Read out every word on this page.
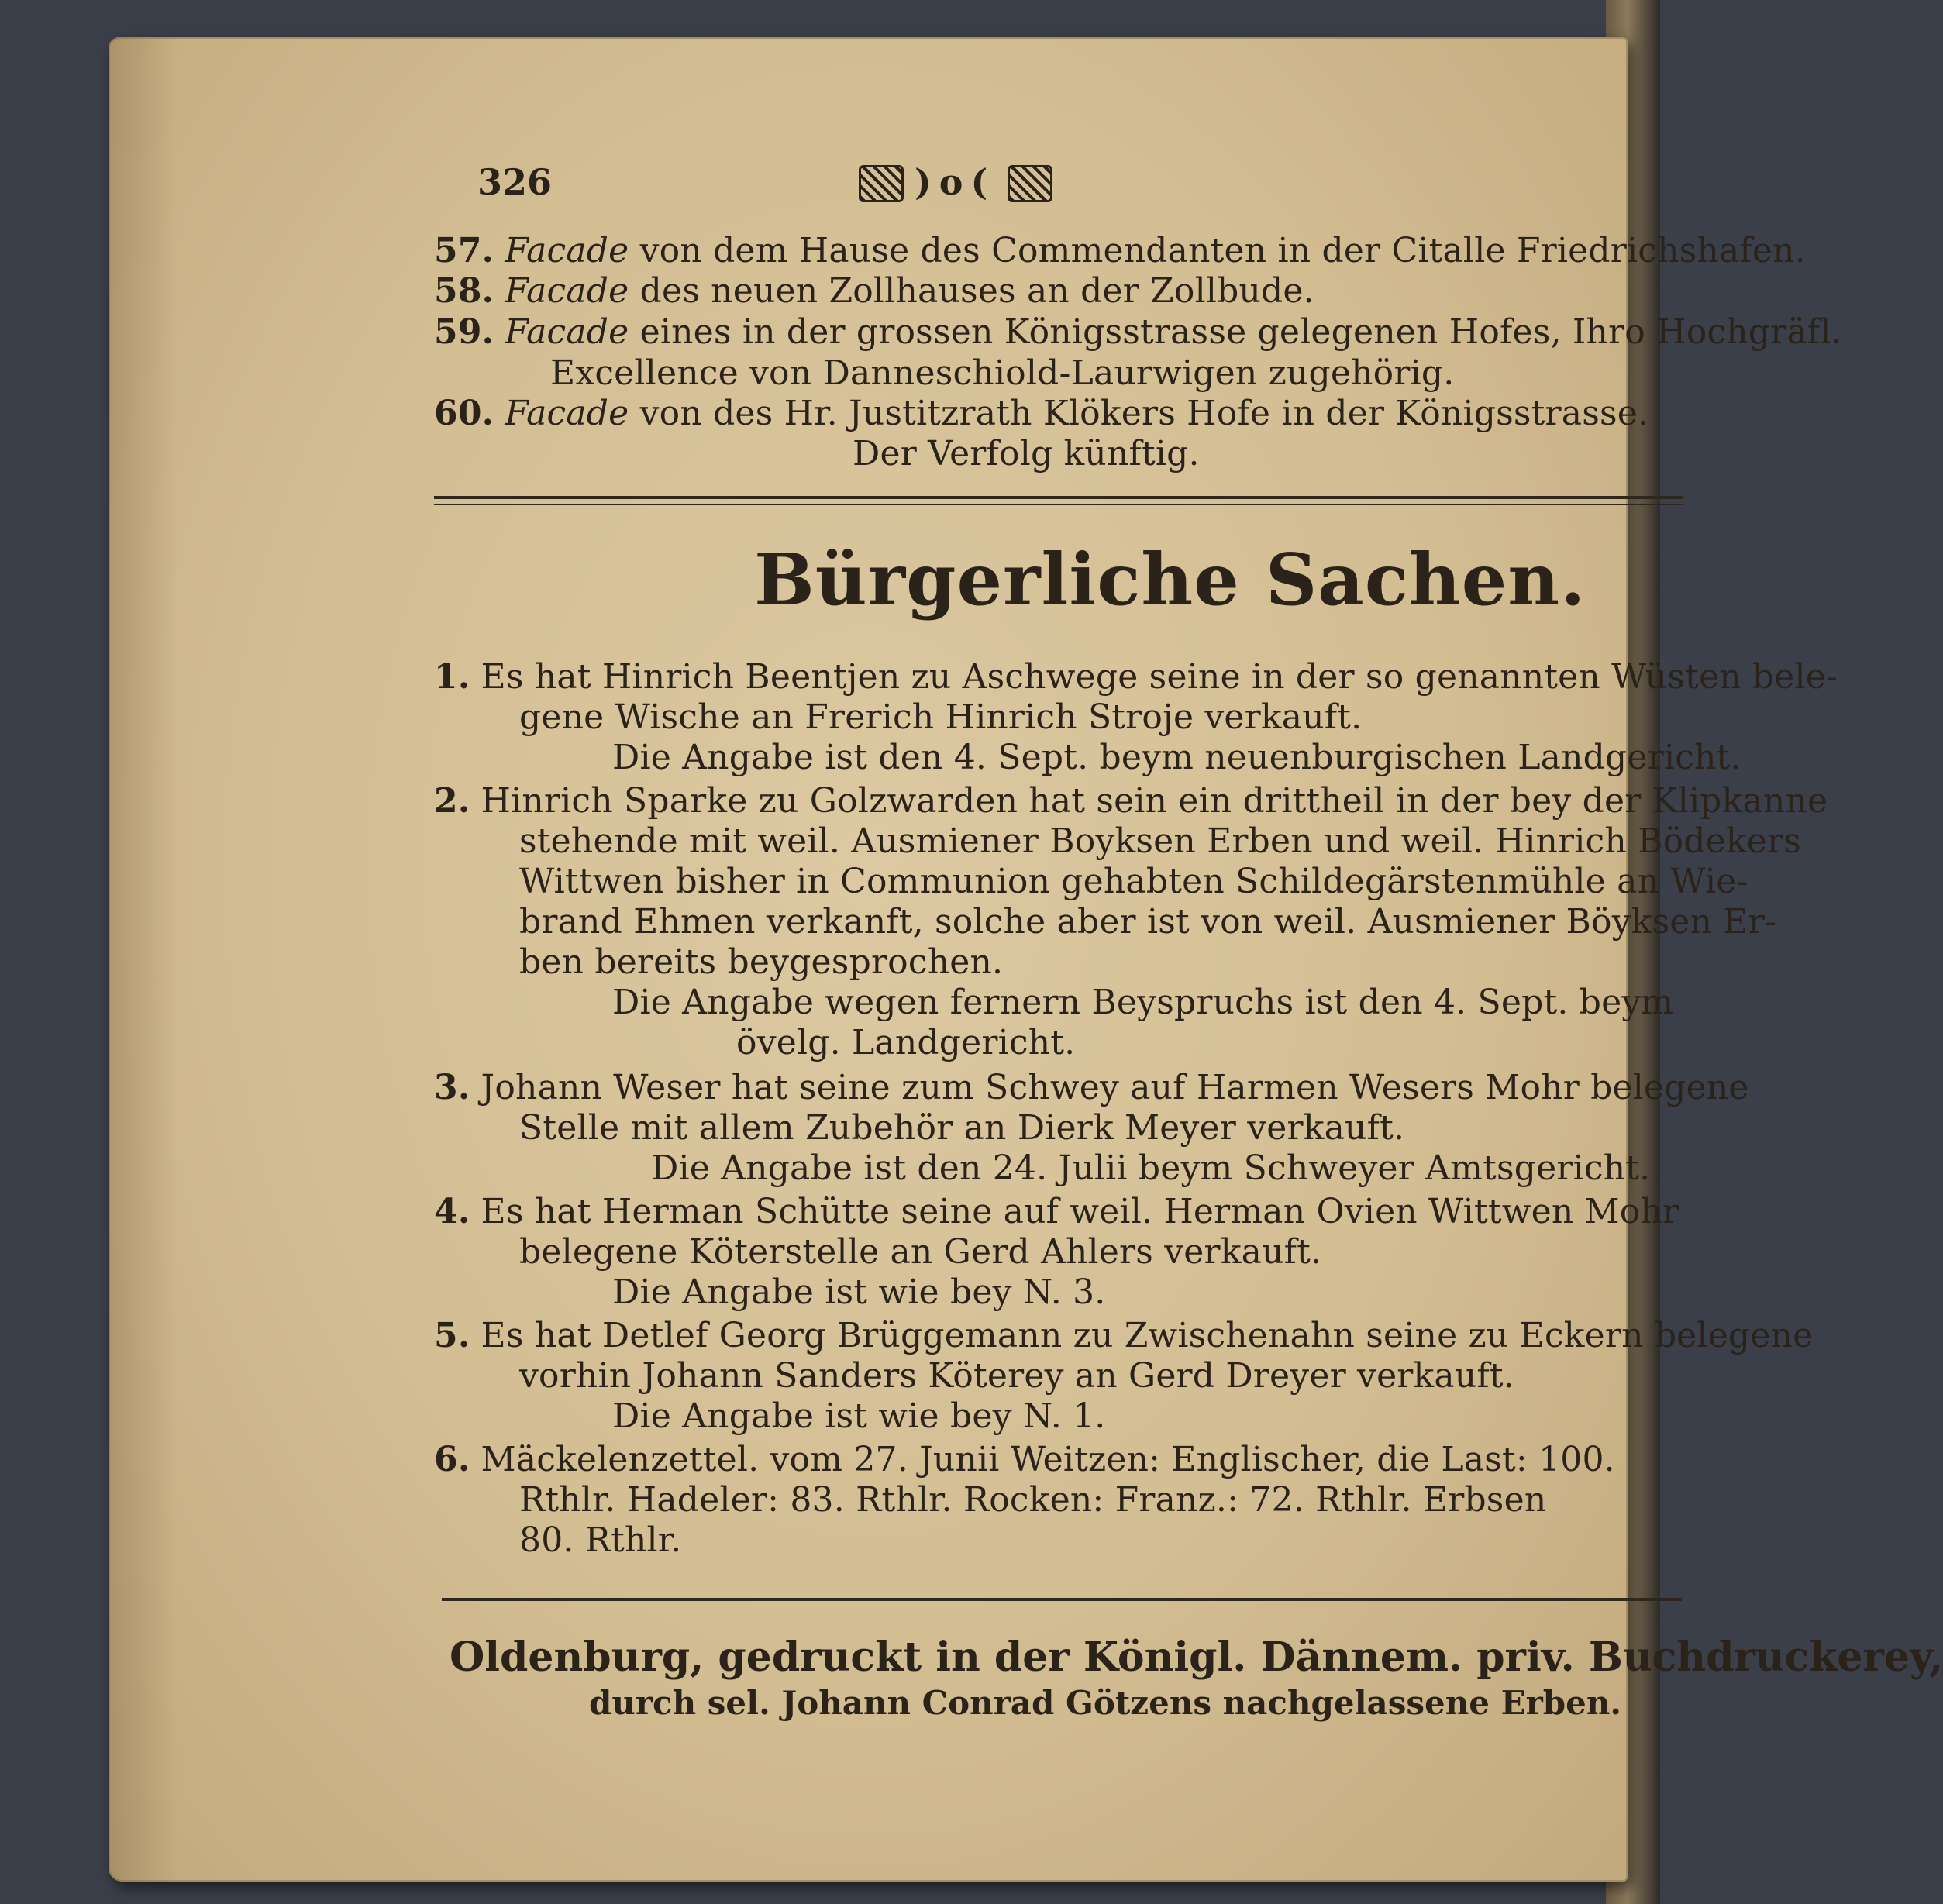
326	)o(
57. Facade von dem Hause des Commendanten in der Citalle Friedrichshafen.
58. Facade des neuen Zollhauses an der Zollbude.
59. Facade eines in der grossen Königsstrasse gelegenen Hofes, Ihro Hochgräfl.
Excellence von Danneschiold-Laurwigen zugehörig.
60. Facade von des Hr. Justitzrath Klökers Hofe in der Königsstrasse.
Der Verfolg künftig.
Bürgerliche Sachen.
1. Es hat Hinrich Beentjen zu Aschwege seine in der so genannten Wüsten bele-
gene Wische an Frerich Hinrich Stroje verkauft.
Die Angabe ist den 4. Sept. beym neuenburgischen Landgericht.
2. Hinrich Sparke zu Golzwarden hat sein ein drittheil in der bey der Klipkanne
stehende mit weil. Ausmiener Boyksen Erben und weil. Hinrich Bödekers
Wittwen bisher in Communion gehabten Schildegärstenmühle an Wie-
brand Ehmen verkanft, solche aber ist von weil. Ausmiener Böyksen Er-
ben bereits beygesprochen.
Die Angabe wegen fernern Beyspruchs ist den 4. Sept. beym
övelg. Landgericht.
3. Johann Weser hat seine zum Schwey auf Harmen Wesers Mohr belegene
Stelle mit allem Zubehör an Dierk Meyer verkauft.
Die Angabe ist den 24. Julii beym Schweyer Amtsgericht.
4. Es hat Herman Schütte seine auf weil. Herman Ovien Wittwen Mohr
belegene Köterstelle an Gerd Ahlers verkauft.
Die Angabe ist wie bey N. 3.
5. Es hat Detlef Georg Brüggemann zu Zwischenahn seine zu Eckern belegene
vorhin Johann Sanders Köterey an Gerd Dreyer verkauft.
Die Angabe ist wie bey N. 1.
6. Mäckelenzettel. vom 27. Junii Weitzen: Englischer, die Last: 100.
Rthlr. Hadeler: 83. Rthlr. Rocken: Franz.: 72. Rthlr. Erbsen
80. Rthlr.
Oldenburg, gedruckt in der Königl. Dännem. priv. Buchdruckerey,
durch sel. Johann Conrad Götzens nachgelassene Erben.
